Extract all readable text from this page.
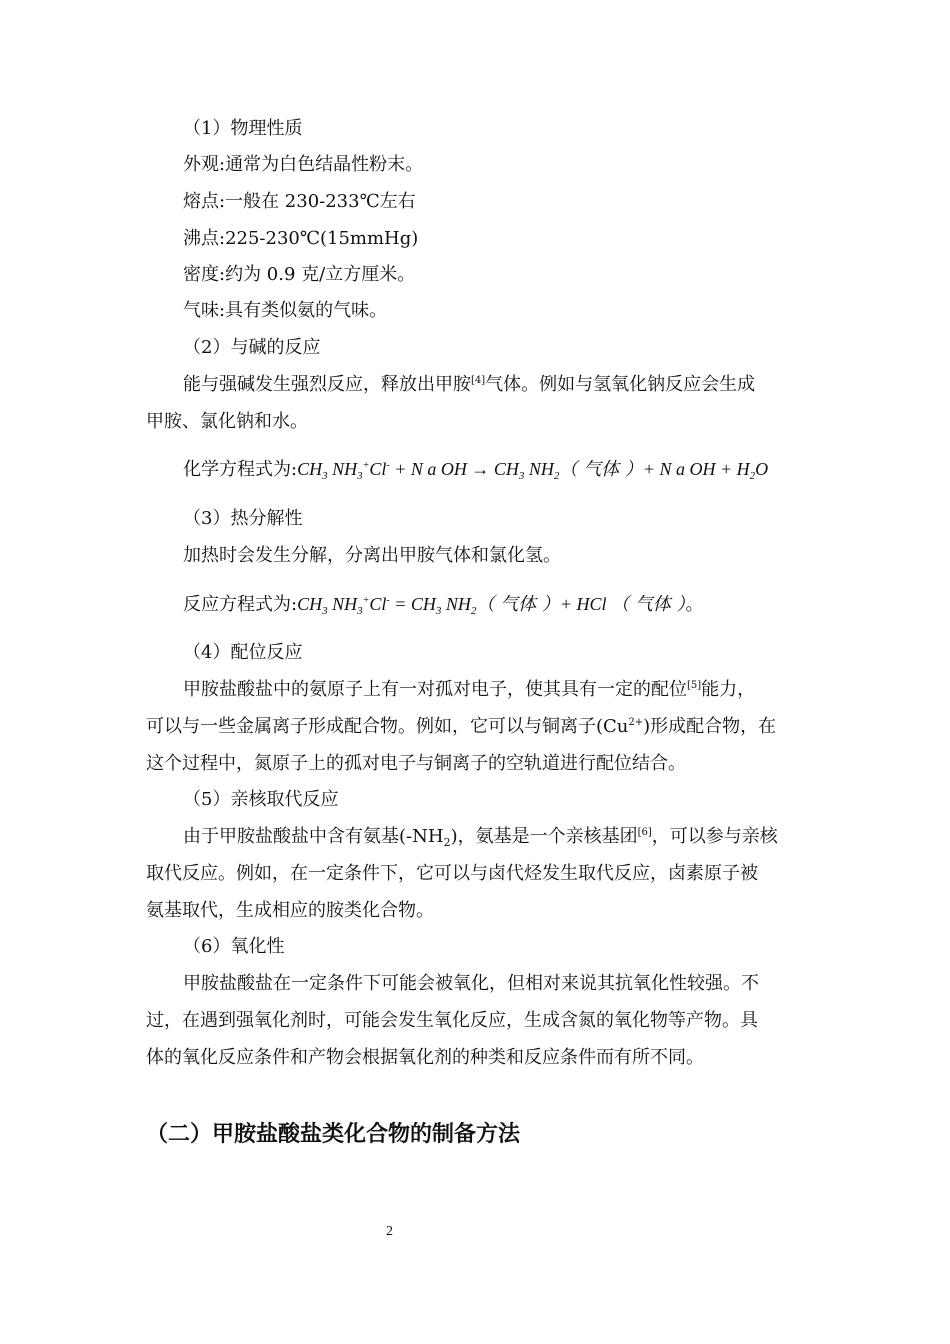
（1）物理性质
外观:通常为白色结晶性粉末。
熔点:一般在 230-233℃左右
沸点:225-230℃(15mmHg)
密度:约为 0.9 克/立方厘米。
气味:具有类似氨的气味。
（2）与碱的反应
能与强碱发生强烈反应，释放出甲胺[4]气体。例如与氢氧化钠反应会生成
甲胺、氯化钠和水。
化学方程式为$:CH_3$ $NH_3^+Cl^- + N$ a OH → $CH_3$ $NH_2$（ 气体 ）+ N a OH + $H_2O$
（3）热分解性
加热时会发生分解，分离出甲胺气体和氯化氢。
反应方程式为$:CH_3$ $NH_3^+Cl^- = CH_3$ $NH_2$（ 气体 ）+ HCl （ 气体 ）。
（4）配位反应
甲胺盐酸盐中的氨原子上有一对孤对电子，使其具有一定的配位[5]能力，
可以与一些金属离子形成配合物。例如，它可以与铜离子(Cu$^{2+}$)形成配合物，在
这个过程中，氮原子上的孤对电子与铜离子的空轨道进行配位结合。
（5）亲核取代反应
由于甲胺盐酸盐中含有氨基$(-NH_2)$，氨基是一个亲核基团[6]，可以参与亲核
取代反应。例如，在一定条件下，它可以与卤代烃发生取代反应，卤素原子被
氨基取代，生成相应的胺类化合物。
（6）氧化性
甲胺盐酸盐在一定条件下可能会被氧化，但相对来说其抗氧化性较强。不
过，在遇到强氧化剂时，可能会发生氧化反应，生成含氮的氧化物等产物。具
体的氧化反应条件和产物会根据氧化剂的种类和反应条件而有所不同。
（二）甲胺盐酸盐类化合物的制备方法
2
